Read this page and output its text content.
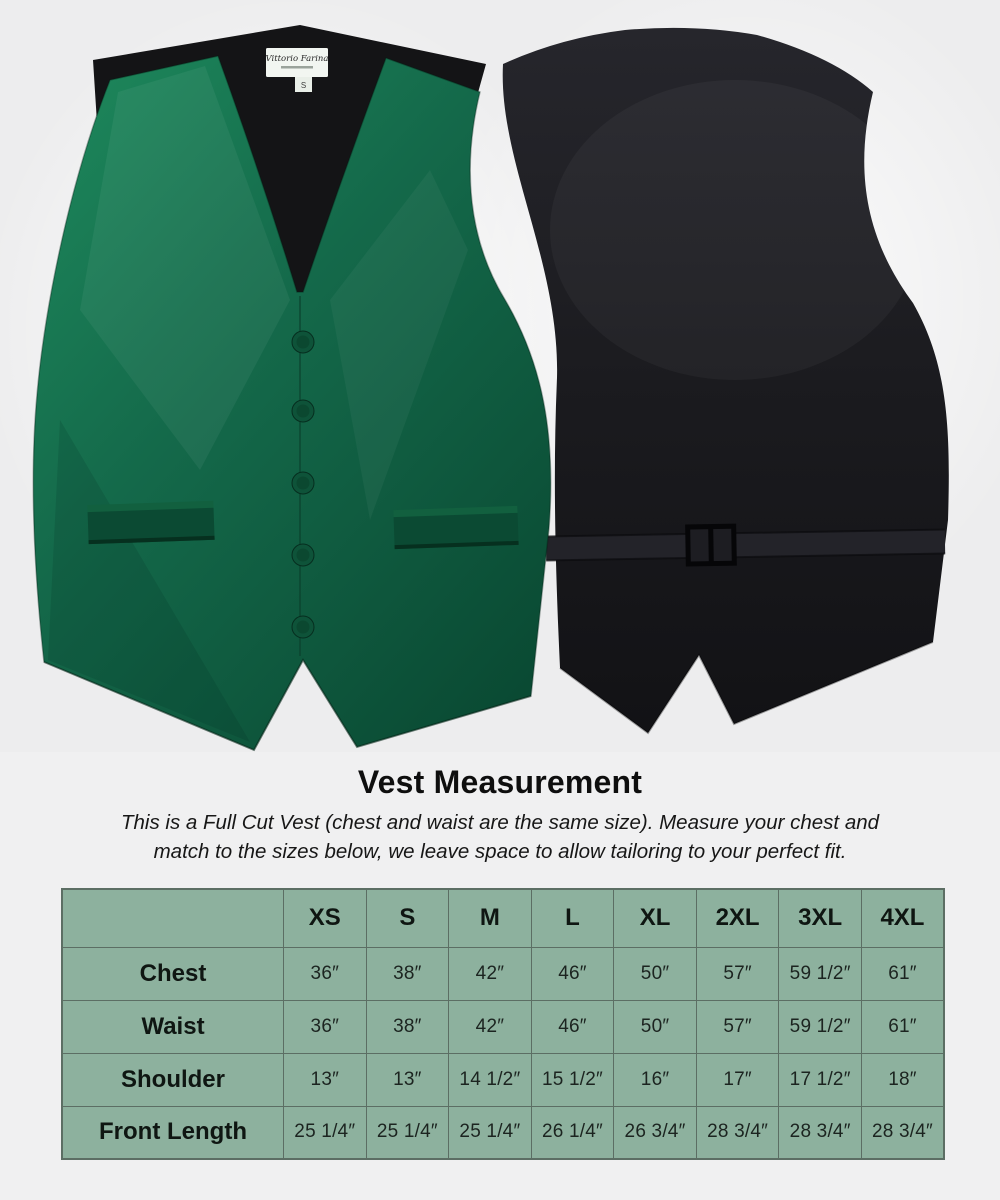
Vittorio Farina
S
Vest Measurement

This is a Full Cut Vest (chest and waist are the same size). Measure your chest and
match to the sizes below, we leave space to allow tailoring to your perfect fit.

	XS	S	M	L	XL	2XL	3XL	4XL
Chest	36″	38″	42″	46″	50″	57″	59 1/2″	61″
Waist	36″	38″	42″	46″	50″	57″	59 1/2″	61″
Shoulder	13″	13″	14 1/2″	15 1/2″	16″	17″	17 1/2″	18″
Front Length	25 1/4″	25 1/4″	25 1/4″	26 1/4″	26 3/4″	28 3/4″	28 3/4″	28 3/4″
